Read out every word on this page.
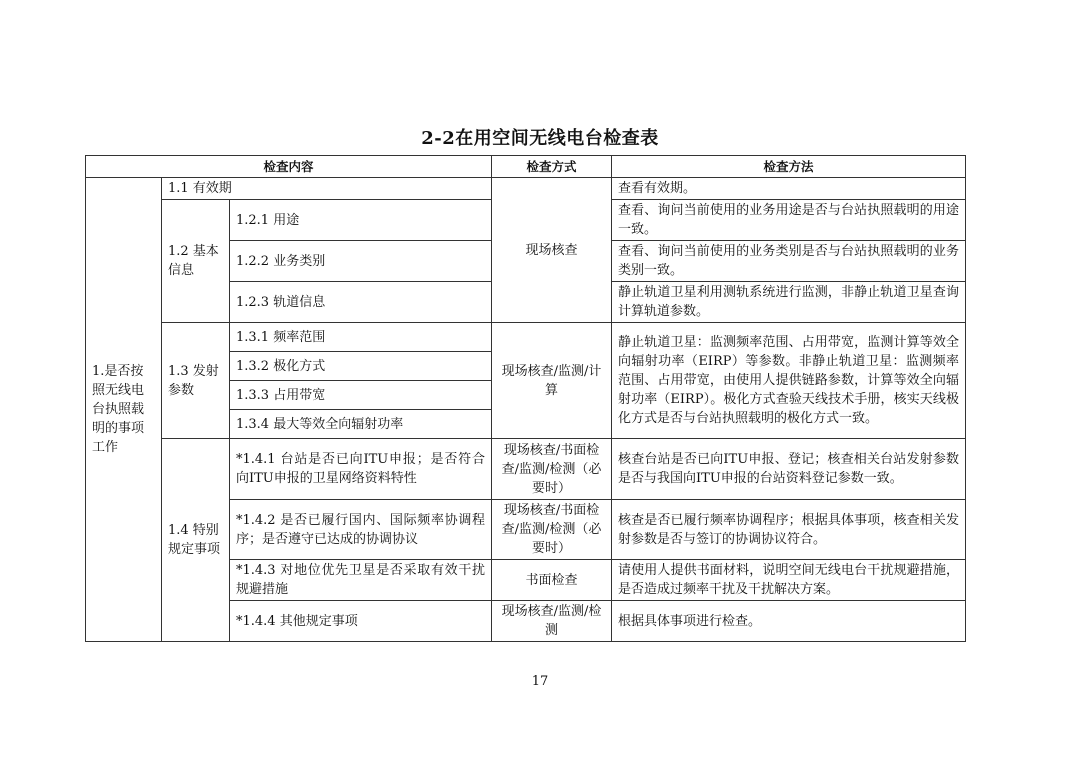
2-2在用空间无线电台检查表
检查内容			检查方式	检查方法
1.是否按照无线电台执照载明的事项工作	1.1 有效期		现场核查	查看有效期。
	1.2 基本信息	1.2.1 用途		查看、询问当前使用的业务用途是否与台站执照载明的用途一致。
		1.2.2 业务类别		查看、询问当前使用的业务类别是否与台站执照载明的业务类别一致。
		1.2.3 轨道信息		静止轨道卫星利用测轨系统进行监测，非静止轨道卫星查询计算轨道参数。
	1.3 发射参数	1.3.1 频率范围	现场核查/监测/计算	静止轨道卫星：监测频率范围、占用带宽，监测计算等效全向辐射功率（EIRP）等参数。非静止轨道卫星：监测频率范围、占用带宽，由使用人提供链路参数，计算等效全向辐射功率（EIRP）。极化方式查验天线技术手册，核实天线极化方式是否与台站执照载明的极化方式一致。
		1.3.2 极化方式		
		1.3.3 占用带宽		
		1.3.4 最大等效全向辐射功率		
	1.4 特别规定事项	*1.4.1 台站是否已向ITU申报；是否符合向ITU申报的卫星网络资料特性	现场核查/书面检查/监测/检测（必要时）	核查台站是否已向ITU申报、登记；核查相关台站发射参数是否与我国向ITU申报的台站资料登记参数一致。
		*1.4.2 是否已履行国内、国际频率协调程序；是否遵守已达成的协调协议	现场核查/书面检查/监测/检测（必要时）	核查是否已履行频率协调程序；根据具体事项，核查相关发射参数是否与签订的协调协议符合。
		*1.4.3 对地位优先卫星是否采取有效干扰规避措施	书面检查	请使用人提供书面材料，说明空间无线电台干扰规避措施，是否造成过频率干扰及干扰解决方案。
		*1.4.4 其他规定事项	现场核查/监测/检测	根据具体事项进行检查。
17
